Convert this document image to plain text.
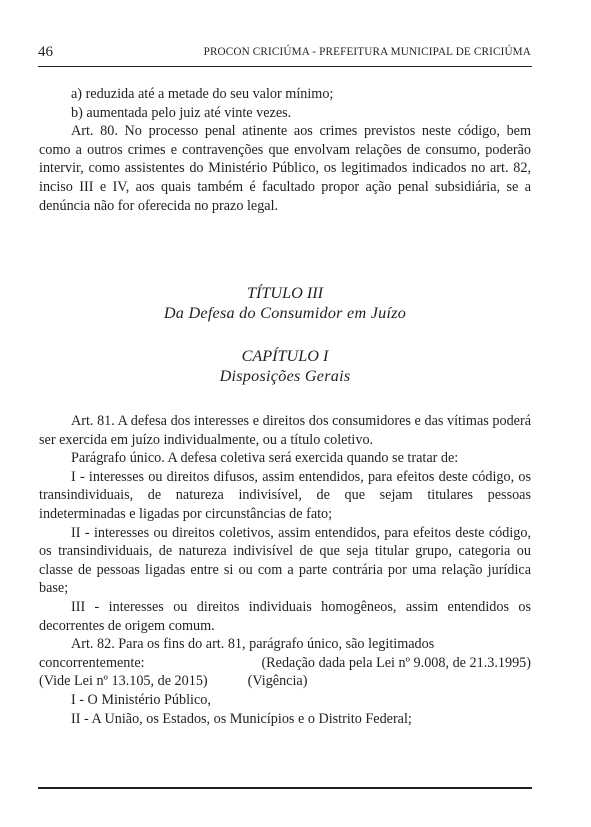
46	PROCON CRICIÚMA - PREFEITURA MUNICIPAL DE CRICIÚMA

a) reduzida até a metade do seu valor mínimo;

b) aumentada pelo juiz até vinte vezes.

Art. 80. No processo penal atinente aos crimes previstos neste código, bem como a outros crimes e contravenções que envolvam relações de consumo, poderão intervir, como assistentes do Ministério Público, os legitimados indicados no art. 82, inciso III e IV, aos quais também é facultado propor ação penal subsidiária, se a denúncia não for oferecida no prazo legal.

TÍTULO III
Da Defesa do Consumidor em Juízo
CAPÍTULO I
Disposições Gerais

Art. 81. A defesa dos interesses e direitos dos consumidores e das vítimas poderá ser exercida em juízo individualmente, ou a título coletivo.

Parágrafo único. A defesa coletiva será exercida quando se tratar de:

I - interesses ou direitos difusos, assim entendidos, para efeitos deste código, os transindividuais, de natureza indivisível, de que sejam titulares pessoas indeterminadas e ligadas por circunstâncias de fato;

II - interesses ou direitos coletivos, assim entendidos, para efeitos deste código, os transindividuais, de natureza indivisível de que seja titular grupo, categoria ou classe de pessoas ligadas entre si ou com a parte contrária por uma relação jurídica base;

III - interesses ou direitos individuais homogêneos, assim entendidos os decorrentes de origem comum.

Art. 82. Para os fins do art. 81, parágrafo único, são legitimados

concorrentemente:	(Redação dada pela Lei nº 9.008, de 21.3.1995)

(Vide Lei nº 13.105, de 2015)	(Vigência)

I - O Ministério Público,

II - A União, os Estados, os Municípios e o Distrito Federal;
